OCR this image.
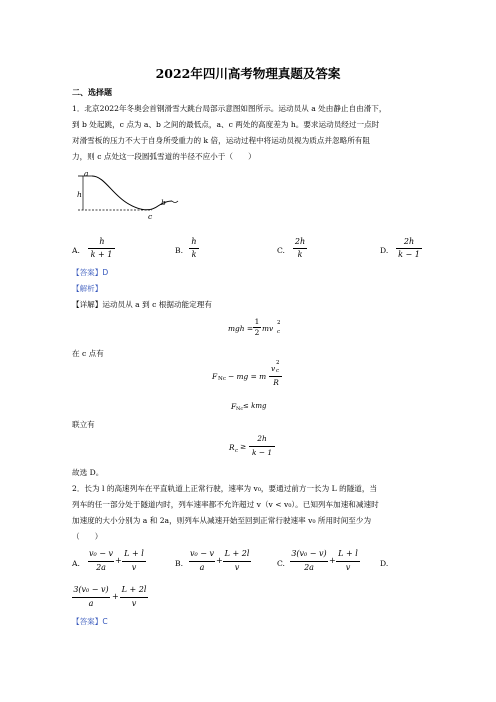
2022年四川高考物理真题及答案
二、选择题
1．北京2022年冬奥会首钢滑雪大跳台局部示意图如图所示。运动员从 a 处由静止自由滑下，
到 b 处起跳，c 点为 a、b 之间的最低点，a、c 两处的高度差为 h。要求运动员经过一点时
对滑雪板的压力不大于自身所受重力的 k 倍，运动过程中将运动员视为质点并忽略所有阻
力，则 c 点处这一段圆弧雪道的半径不应小于（　　）
a
h
b
c
A.
h
k + 1	B.
h
k	C.
2h
k	D.
2h
k − 1
【答案】D
【解析】
【详解】运动员从 a 到 c 根据动能定理有
mgh =
1
2 mv
2
c
在 c 点有
F Nc − mg = m
v
2
c
R
F Nc ≤ kmg
联立有
R c ≥
2h
k − 1
故选 D。
2．长为 l 的高速列车在平直轨道上正常行驶，速率为 v₀，要通过前方一长为 L 的隧道，当
列车的任一部分处于隧道内时，列车速率都不允许超过 v（v < v₀）。已知列车加速和减速时
加速度的大小分别为 a 和 2a，则列车从减速开始至回到正常行驶速率 v₀ 所用时间至少为
（　　）
A.
v₀ − v
2a
+
L + l
v	B.
v₀ − v
a
+
L + 2l
v	C.
3(v₀ − v)
2a
+
L + l
v	D.
3(v₀ − v)
a
+
L + 2l
v
【答案】C
